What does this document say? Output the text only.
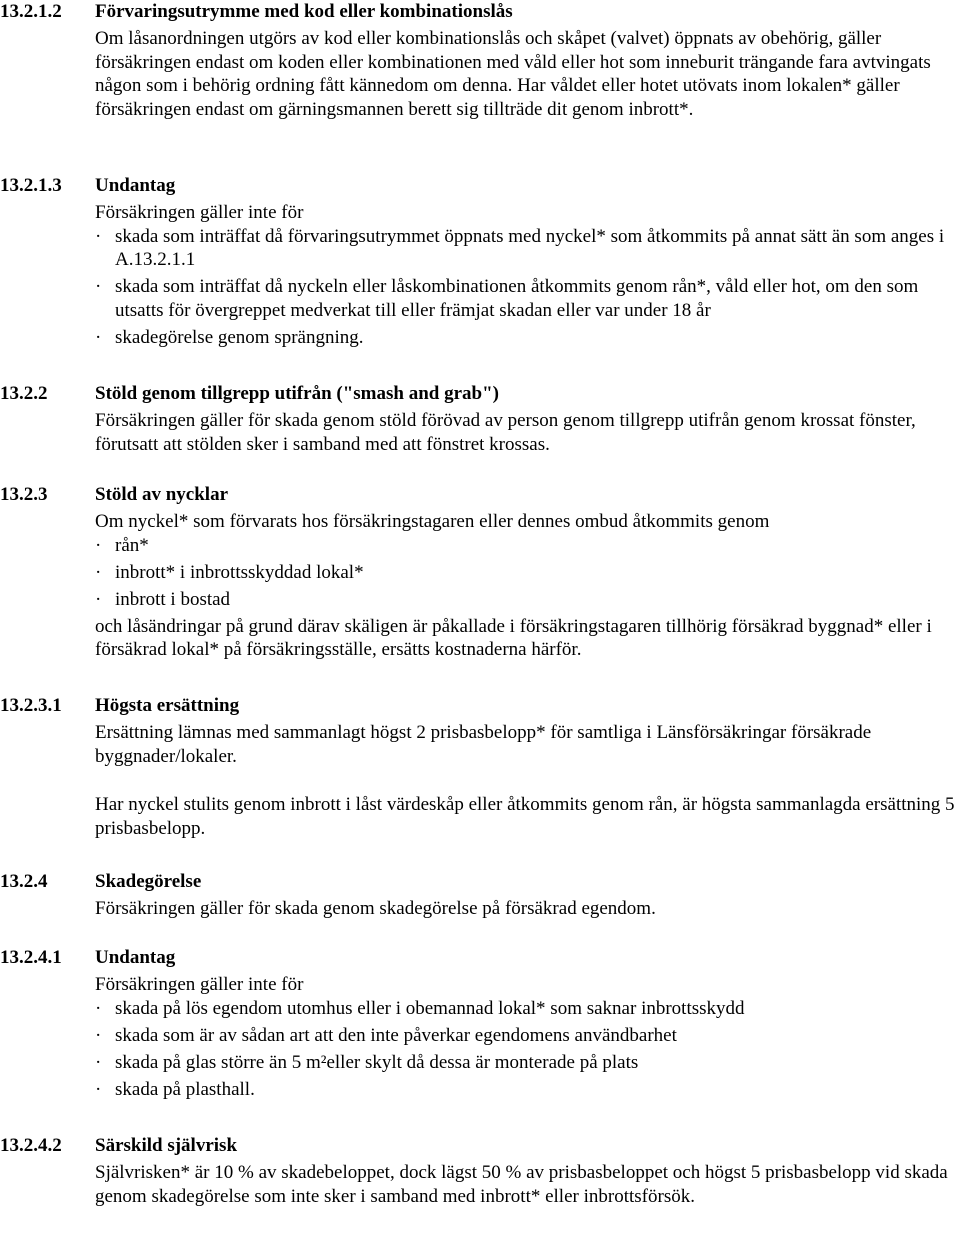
13.2.1.2 Förvaringsutrymme med kod eller kombinationslås

Om låsanordningen utgörs av kod eller kombinationslås och skåpet (valvet) öppnats av obehörig, gäller försäkringen endast om koden eller kombinationen med våld eller hot som inneburit trängande fara avtvingats någon som i behörig ordning fått kännedom om denna. Har våldet eller hotet utövats inom lokalen* gäller försäkringen endast om gärningsmannen berett sig tillträde dit genom inbrott*.

13.2.1.3 Undantag

Försäkringen gäller inte för

· skada som inträffat då förvaringsutrymmet öppnats med nyckel* som åtkommits på annat sätt än som anges i A.13.2.1.1
· skada som inträffat då nyckeln eller låskombinationen åtkommits genom rån*, våld eller hot, om den som utsatts för övergreppet medverkat till eller främjat skadan eller var under 18 år
· skadegörelse genom sprängning.
13.2.2	Stöld genom tillgrepp utifrån ("smash and grab")

Försäkringen gäller för skada genom stöld förövad av person genom tillgrepp utifrån genom krossat fönster, förutsatt att stölden sker i samband med att fönstret krossas.

13.2.3	Stöld av nycklar

Om nyckel* som förvarats hos försäkringstagaren eller dennes ombud åtkommits genom

· rån*
· inbrott* i inbrottsskyddad lokal*
· inbrott i bostad

och låsändringar på grund därav skäligen är påkallade i försäkringstagaren tillhörig försäkrad byggnad* eller i försäkrad lokal* på försäkringsställe, ersätts kostnaderna härför.

13.2.3.1 Högsta ersättning

Ersättning lämnas med sammanlagt högst 2 prisbasbelopp* för samtliga i Länsförsäkringar försäkrade byggnader/lokaler.

Har nyckel stulits genom inbrott i låst värdeskåp eller åtkommits genom rån, är högsta sammanlagda ersättning 5 prisbasbelopp.

13.2.4	Skadegörelse

Försäkringen gäller för skada genom skadegörelse på försäkrad egendom.

13.2.4.1 Undantag

Försäkringen gäller inte för

· skada på lös egendom utomhus eller i obemannad lokal* som saknar inbrottsskydd
· skada som är av sådan art att den inte påverkar egendomens användbarhet
· skada på glas större än 5 m²eller skylt då dessa är monterade på plats
· skada på plasthall.
13.2.4.2 Särskild självrisk

Självrisken* är 10 % av skadebeloppet, dock lägst 50 % av prisbasbeloppet och högst 5 prisbasbelopp vid skada genom skadegörelse som inte sker i samband med inbrott* eller inbrottsförsök.
